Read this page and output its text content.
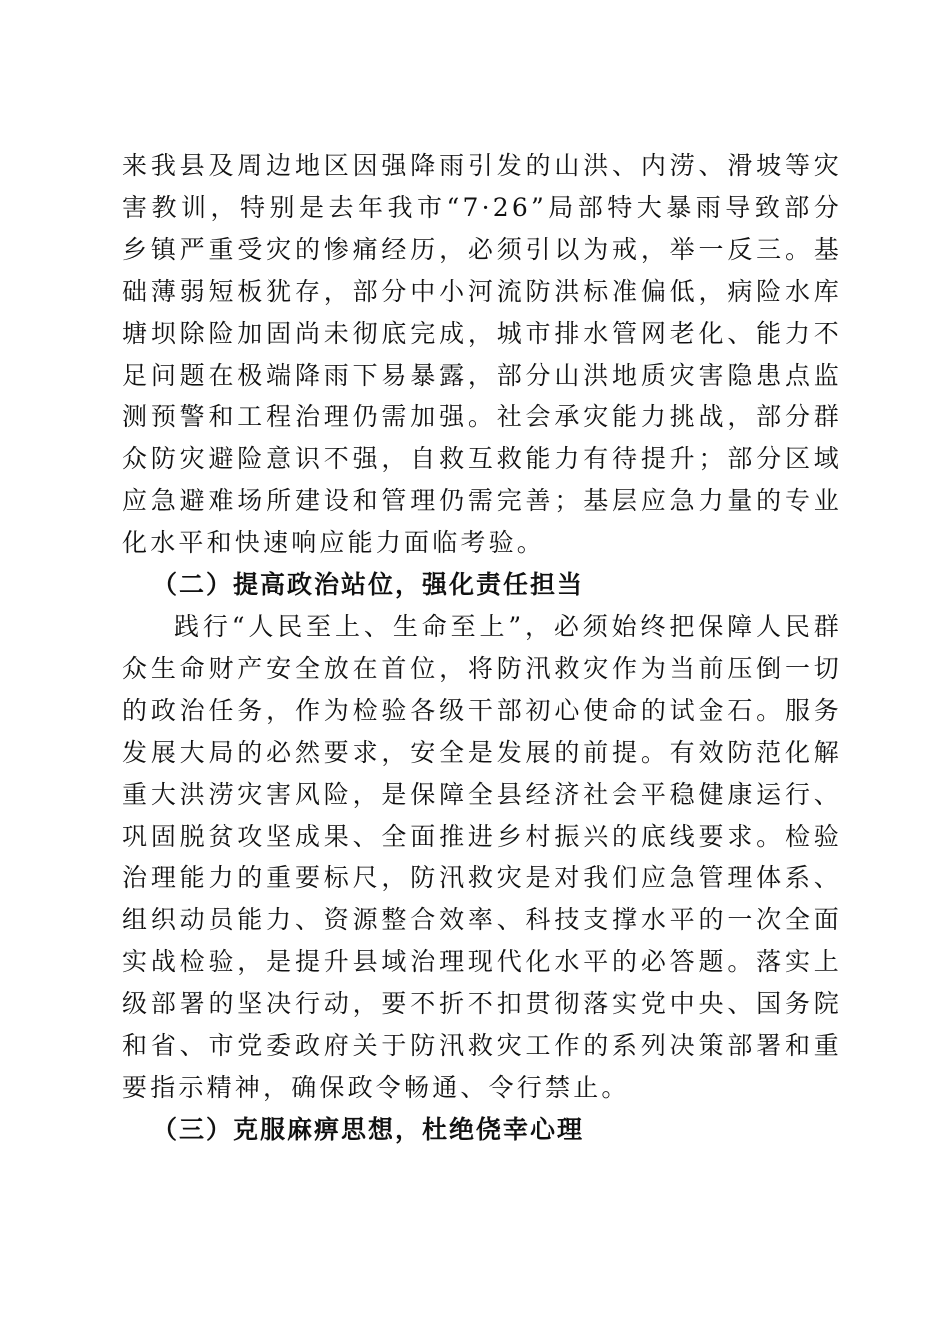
来我县及周边地区因强降雨引发的山洪、内涝、滑坡等灾害教训，特别是去年我市“7·26”局部特大暴雨导致部分乡镇严重受灾的惨痛经历，必须引以为戒，举一反三。基础薄弱短板犹存，部分中小河流防洪标准偏低，病险水库塘坝除险加固尚未彻底完成，城市排水管网老化、能力不足问题在极端降雨下易暴露，部分山洪地质灾害隐患点监测预警和工程治理仍需加强。社会承灾能力挑战，部分群众防灾避险意识不强，自救互救能力有待提升；部分区域应急避难场所建设和管理仍需完善；基层应急力量的专业化水平和快速响应能力面临考验。

（二）提高政治站位，强化责任担当

践行“人民至上、生命至上”，必须始终把保障人民群众生命财产安全放在首位，将防汛救灾作为当前压倒一切的政治任务，作为检验各级干部初心使命的试金石。服务发展大局的必然要求，安全是发展的前提。有效防范化解重大洪涝灾害风险，是保障全县经济社会平稳健康运行、巩固脱贫攻坚成果、全面推进乡村振兴的底线要求。检验治理能力的重要标尺，防汛救灾是对我们应急管理体系、组织动员能力、资源整合效率、科技支撑水平的一次全面实战检验，是提升县域治理现代化水平的必答题。落实上级部署的坚决行动，要不折不扣贯彻落实党中央、国务院和省、市党委政府关于防汛救灾工作的系列决策部署和重要指示精神，确保政令畅通、令行禁止。

（三）克服麻痹思想，杜绝侥幸心理
